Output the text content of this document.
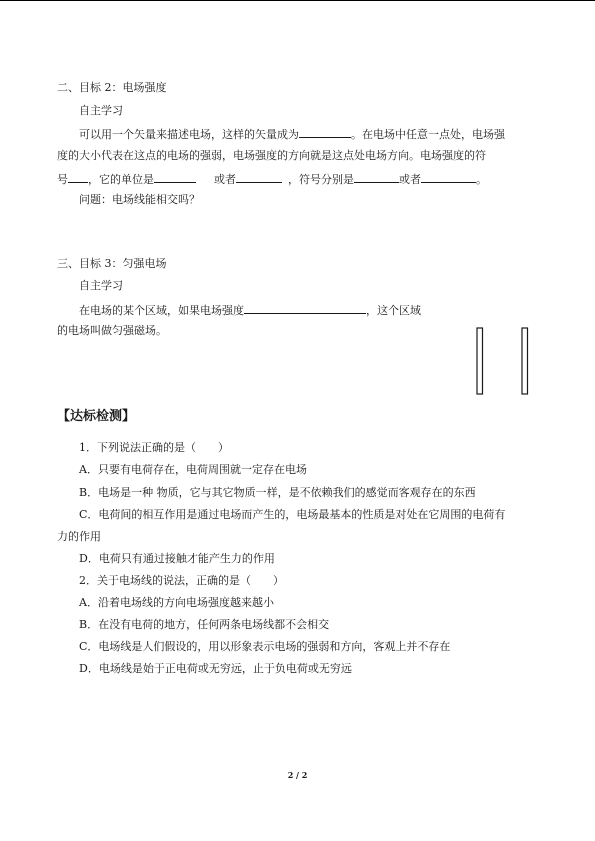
二、目标 2：电场强度
自主学习
可以用一个矢量来描述电场，这样的矢量成为	。在电场中任意一点处，电场强
度的大小代表在这点的电场的强弱，电场强度的方向就是这点处电场方向。电场强度的符
号 ，它的单位是	或者	，符号分别是	或者	。
问题：电场线能相交吗？
三、目标 3：匀强电场
自主学习
在电场的某个区域，如果电场强度	，这个区域
的电场叫做匀强磁场。
【达标检测】
1．下列说法正确的是（　　）
A．只要有电荷存在，电荷周围就一定存在电场
B．电场是一种 物质，它与其它物质一样，是不依赖我们的感觉而客观存在的东西
C．电荷间的相互作用是通过电场而产生的，电场最基本的性质是对处在它周围的电荷有
力的作用
D．电荷只有通过接触才能产生力的作用
2．关于电场线的说法，正确的是（　　）
A．沿着电场线的方向电场强度越来越小
B．在没有电荷的地方，任何两条电场线都不会相交
C．电场线是人们假设的，用以形象表示电场的强弱和方向，客观上并不存在
D．电场线是始于正电荷或无穷远，止于负电荷或无穷远
2 / 2
